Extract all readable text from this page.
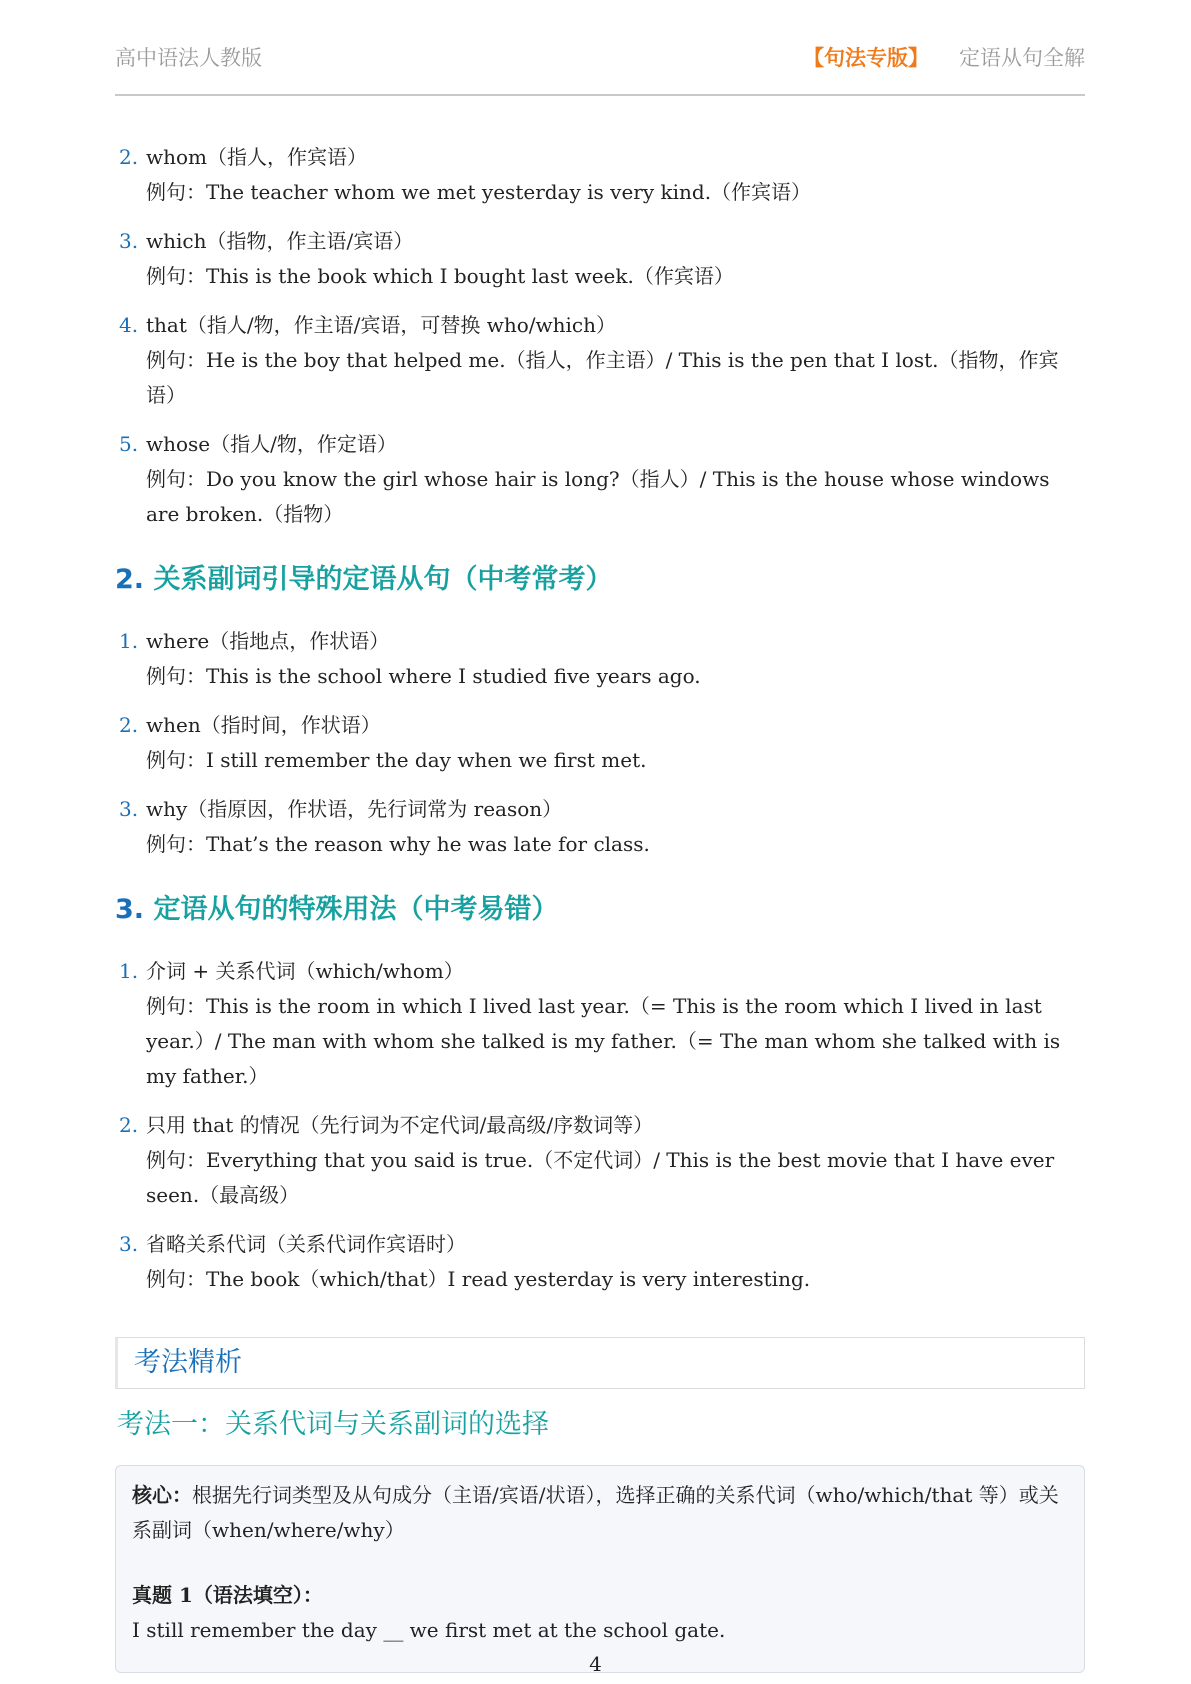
高中语法人教版	【句法专版】 定语从句全解
2. whom（指人，作宾语）
例句：The teacher whom we met yesterday is very kind.（作宾语）
3. which（指物，作主语/宾语）
例句：This is the book which I bought last week.（作宾语）
4. that（指人/物，作主语/宾语，可替换 who/which）
例句：He is the boy that helped me.（指人，作主语）/ This is the pen that I lost.（指物，作宾语）
5. whose（指人/物，作定语）
例句：Do you know the girl whose hair is long?（指人）/ This is the house whose windows are broken.（指物）
2. 关系副词引导的定语从句（中考常考）
1. where（指地点，作状语）
例句：This is the school where I studied five years ago.
2. when（指时间，作状语）
例句：I still remember the day when we first met.
3. why（指原因，作状语，先行词常为 reason）
例句：That’s the reason why he was late for class.
3. 定语从句的特殊用法（中考易错）
1. 介词 + 关系代词（which/whom）
例句：This is the room in which I lived last year.（= This is the room which I lived in last year.）/ The man with whom she talked is my father.（= The man whom she talked with is my father.）
2. 只用 that 的情况（先行词为不定代词/最高级/序数词等）
例句：Everything that you said is true.（不定代词）/ This is the best movie that I have ever seen.（最高级）
3. 省略关系代词（关系代词作宾语时）
例句：The book（which/that）I read yesterday is very interesting.
考法精析
考法一：关系代词与关系副词的选择
核心：根据先行词类型及从句成分（主语/宾语/状语），选择正确的关系代词（who/which/that 等）或关系副词（when/where/why）
真题 1（语法填空）：
I still remember the day __ we first met at the school gate.
4
